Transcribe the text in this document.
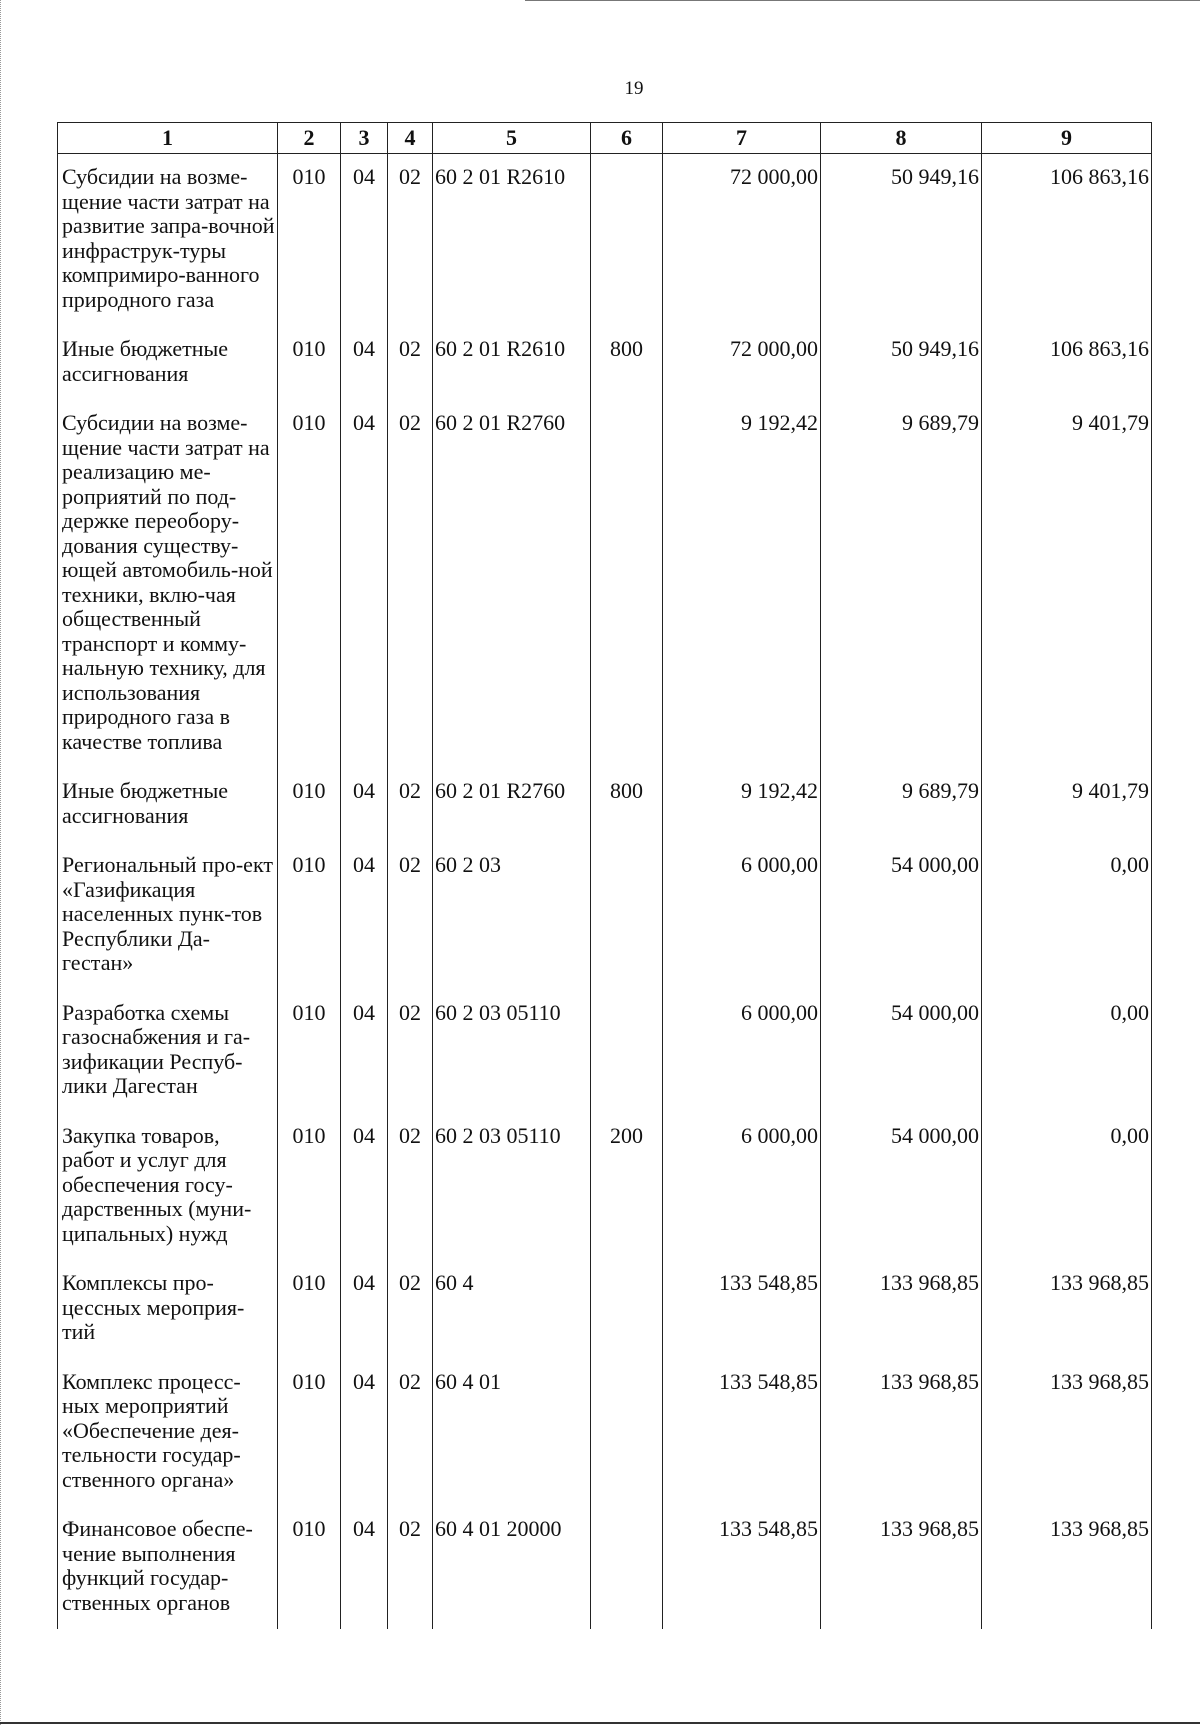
19
1	2	3	4	5	6	7	8	9
Субсидии на возме-щение части затрат на развитие запра-вочной инфраструк-туры компримиро-ванного природного газа	010	04	02	60 2 01 R2610		72 000,00	50 949,16	106 863,16
Иные бюджетные ассигнования	010	04	02	60 2 01 R2610	800	72 000,00	50 949,16	106 863,16
Субсидии на возме-щение части затрат на реализацию ме-роприятий по под-держке переобору-дования существу-ющей автомобиль-ной техники, вклю-чая общественный транспорт и комму-нальную технику, для использования природного газа в качестве топлива	010	04	02	60 2 01 R2760		9 192,42	9 689,79	9 401,79
Иные бюджетные ассигнования	010	04	02	60 2 01 R2760	800	9 192,42	9 689,79	9 401,79
Региональный про-ект «Газификация населенных пунк-тов Республики Да-гестан»	010	04	02	60 2 03		6 000,00	54 000,00	0,00
Разработка схемы газоснабжения и га-зификации Респуб-лики Дагестан	010	04	02	60 2 03 05110		6 000,00	54 000,00	0,00
Закупка товаров, работ и услуг для обеспечения госу-дарственных (муни-ципальных) нужд	010	04	02	60 2 03 05110	200	6 000,00	54 000,00	0,00
Комплексы про-цессных мероприя-тий	010	04	02	60 4		133 548,85	133 968,85	133 968,85
Комплекс процесс-ных мероприятий «Обеспечение дея-тельности государ-ственного органа»	010	04	02	60 4 01		133 548,85	133 968,85	133 968,85
Финансовое обеспе-чение выполнения функций государ-ственных органов	010	04	02	60 4 01 20000		133 548,85	133 968,85	133 968,85
